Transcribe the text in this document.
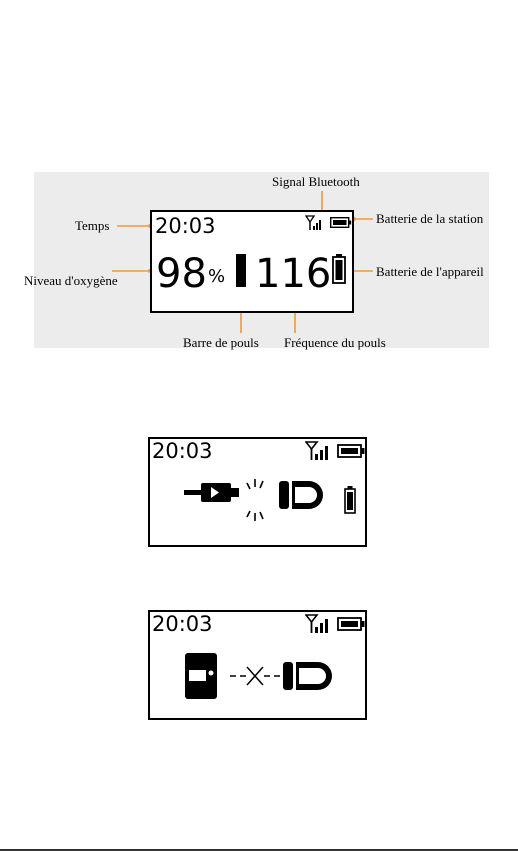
Signal Bluetooth
Temps	Batterie de la station
Niveau d'oxygène
Batterie de l'appareil
Barre de pouls Fréquence du pouls
20:03
98 % 116
20:03
20:03
